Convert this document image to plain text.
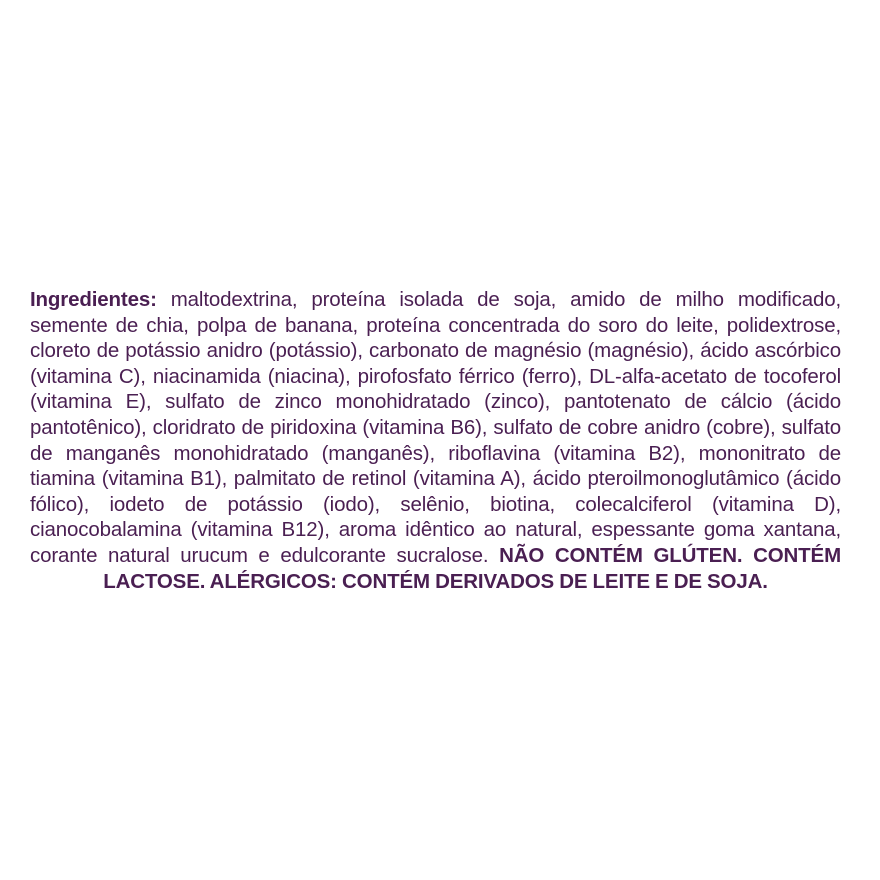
Ingredientes: maltodextrina, proteína isolada de soja, amido de milho modificado, semente de chia, polpa de banana, proteína concentrada do soro do leite, polidextrose, cloreto de potássio anidro (potássio), carbonato de magnésio (magnésio), ácido ascórbico (vitamina C), niacinamida (niacina), pirofosfato férrico (ferro), DL-alfa-acetato de tocoferol (vitamina E), sulfato de zinco monohidratado (zinco), pantotenato de cálcio (ácido pantotênico), cloridrato de piridoxina (vitamina B6), sulfato de cobre anidro (cobre), sulfato de manganês monohidratado (manganês), riboflavina (vitamina B2), mononitrato de tiamina (vitamina B1), palmitato de retinol (vitamina A), ácido pteroilmonoglutâmico (ácido fólico), iodeto de potássio (iodo), selênio, biotina, colecalciferol (vitamina D), cianocobalamina (vitamina B12), aroma idêntico ao natural, espessante goma xantana, corante natural urucum e edulcorante sucralose. NÃO CONTÉM GLÚTEN. CONTÉM LACTOSE. ALÉRGICOS: CONTÉM DERIVADOS DE LEITE E DE SOJA.
